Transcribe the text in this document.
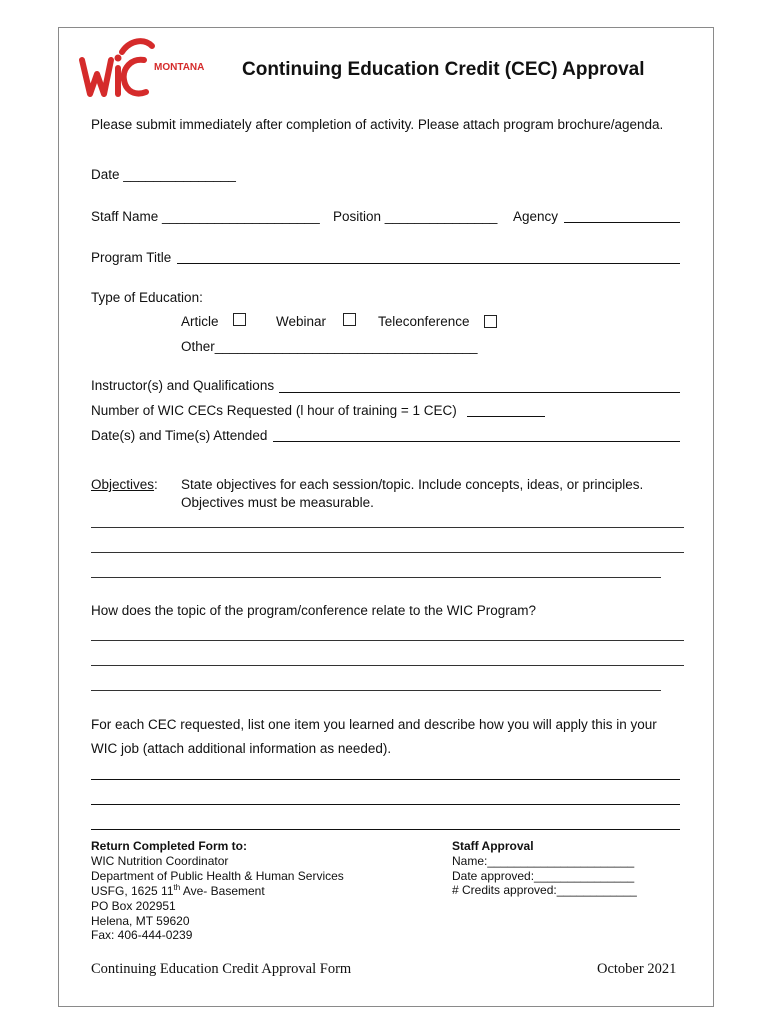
MONTANA Continuing Education Credit (CEC) Approval
Please submit immediately after completion of activity. Please attach program brochure/agenda.
Date _______________
Staff Name _____________________ Position _______________ Agency
Program Title
Type of Education:
Article	Webinar	Teleconference
Other___________________________________
Instructor(s) and Qualifications
Number of WIC CECs Requested (l hour of training = 1 CEC)
Date(s) and Time(s) Attended
Objectives: State objectives for each session/topic. Include concepts, ideas, or principles.
Objectives must be measurable.
How does the topic of the program/conference relate to the WIC Program?
For each CEC requested, list one item you learned and describe how you will apply this in your
WIC job (attach additional information as needed).
Return Completed Form to:
WIC Nutrition Coordinator
Department of Public Health & Human Services
USFG, 1625 11th Ave- Basement
PO Box 202951
Helena, MT 59620
Fax: 406-444-0239
Staff Approval
Name:______________________
Date approved:_______________
# Credits approved:____________
Continuing Education Credit Approval Form	October 2021
